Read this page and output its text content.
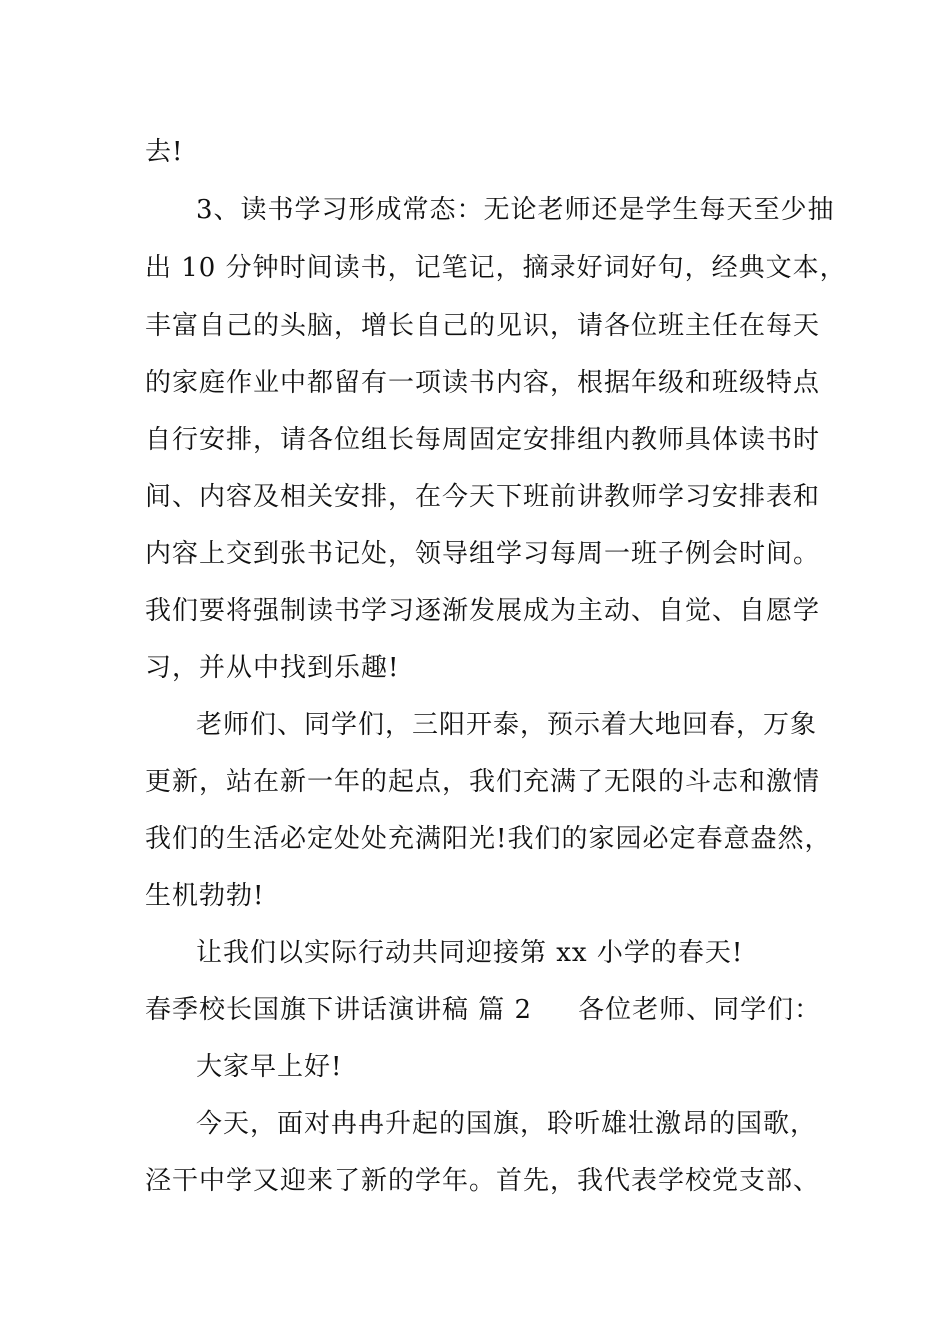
去!
3、读书学习形成常态：无论老师还是学生每天至少抽
出 10 分钟时间读书，记笔记，摘录好词好句，经典文本，
丰富自己的头脑，增长自己的见识，请各位班主任在每天
的家庭作业中都留有一项读书内容，根据年级和班级特点
自行安排，请各位组长每周固定安排组内教师具体读书时
间、内容及相关安排，在今天下班前讲教师学习安排表和
内容上交到张书记处，领导组学习每周一班子例会时间。
我们要将强制读书学习逐渐发展成为主动、自觉、自愿学
习，并从中找到乐趣!
老师们、同学们，三阳开泰，预示着大地回春，万象
更新，站在新一年的起点，我们充满了无限的斗志和激情
我们的生活必定处处充满阳光!我们的家园必定春意盎然，
生机勃勃!
让我们以实际行动共同迎接第 xx 小学的春天!
春季校长国旗下讲话演讲稿 篇 2 各位老师、同学们：
大家早上好!
今天，面对冉冉升起的国旗，聆听雄壮激昂的国歌，
泾干中学又迎来了新的学年。首先，我代表学校党支部、
